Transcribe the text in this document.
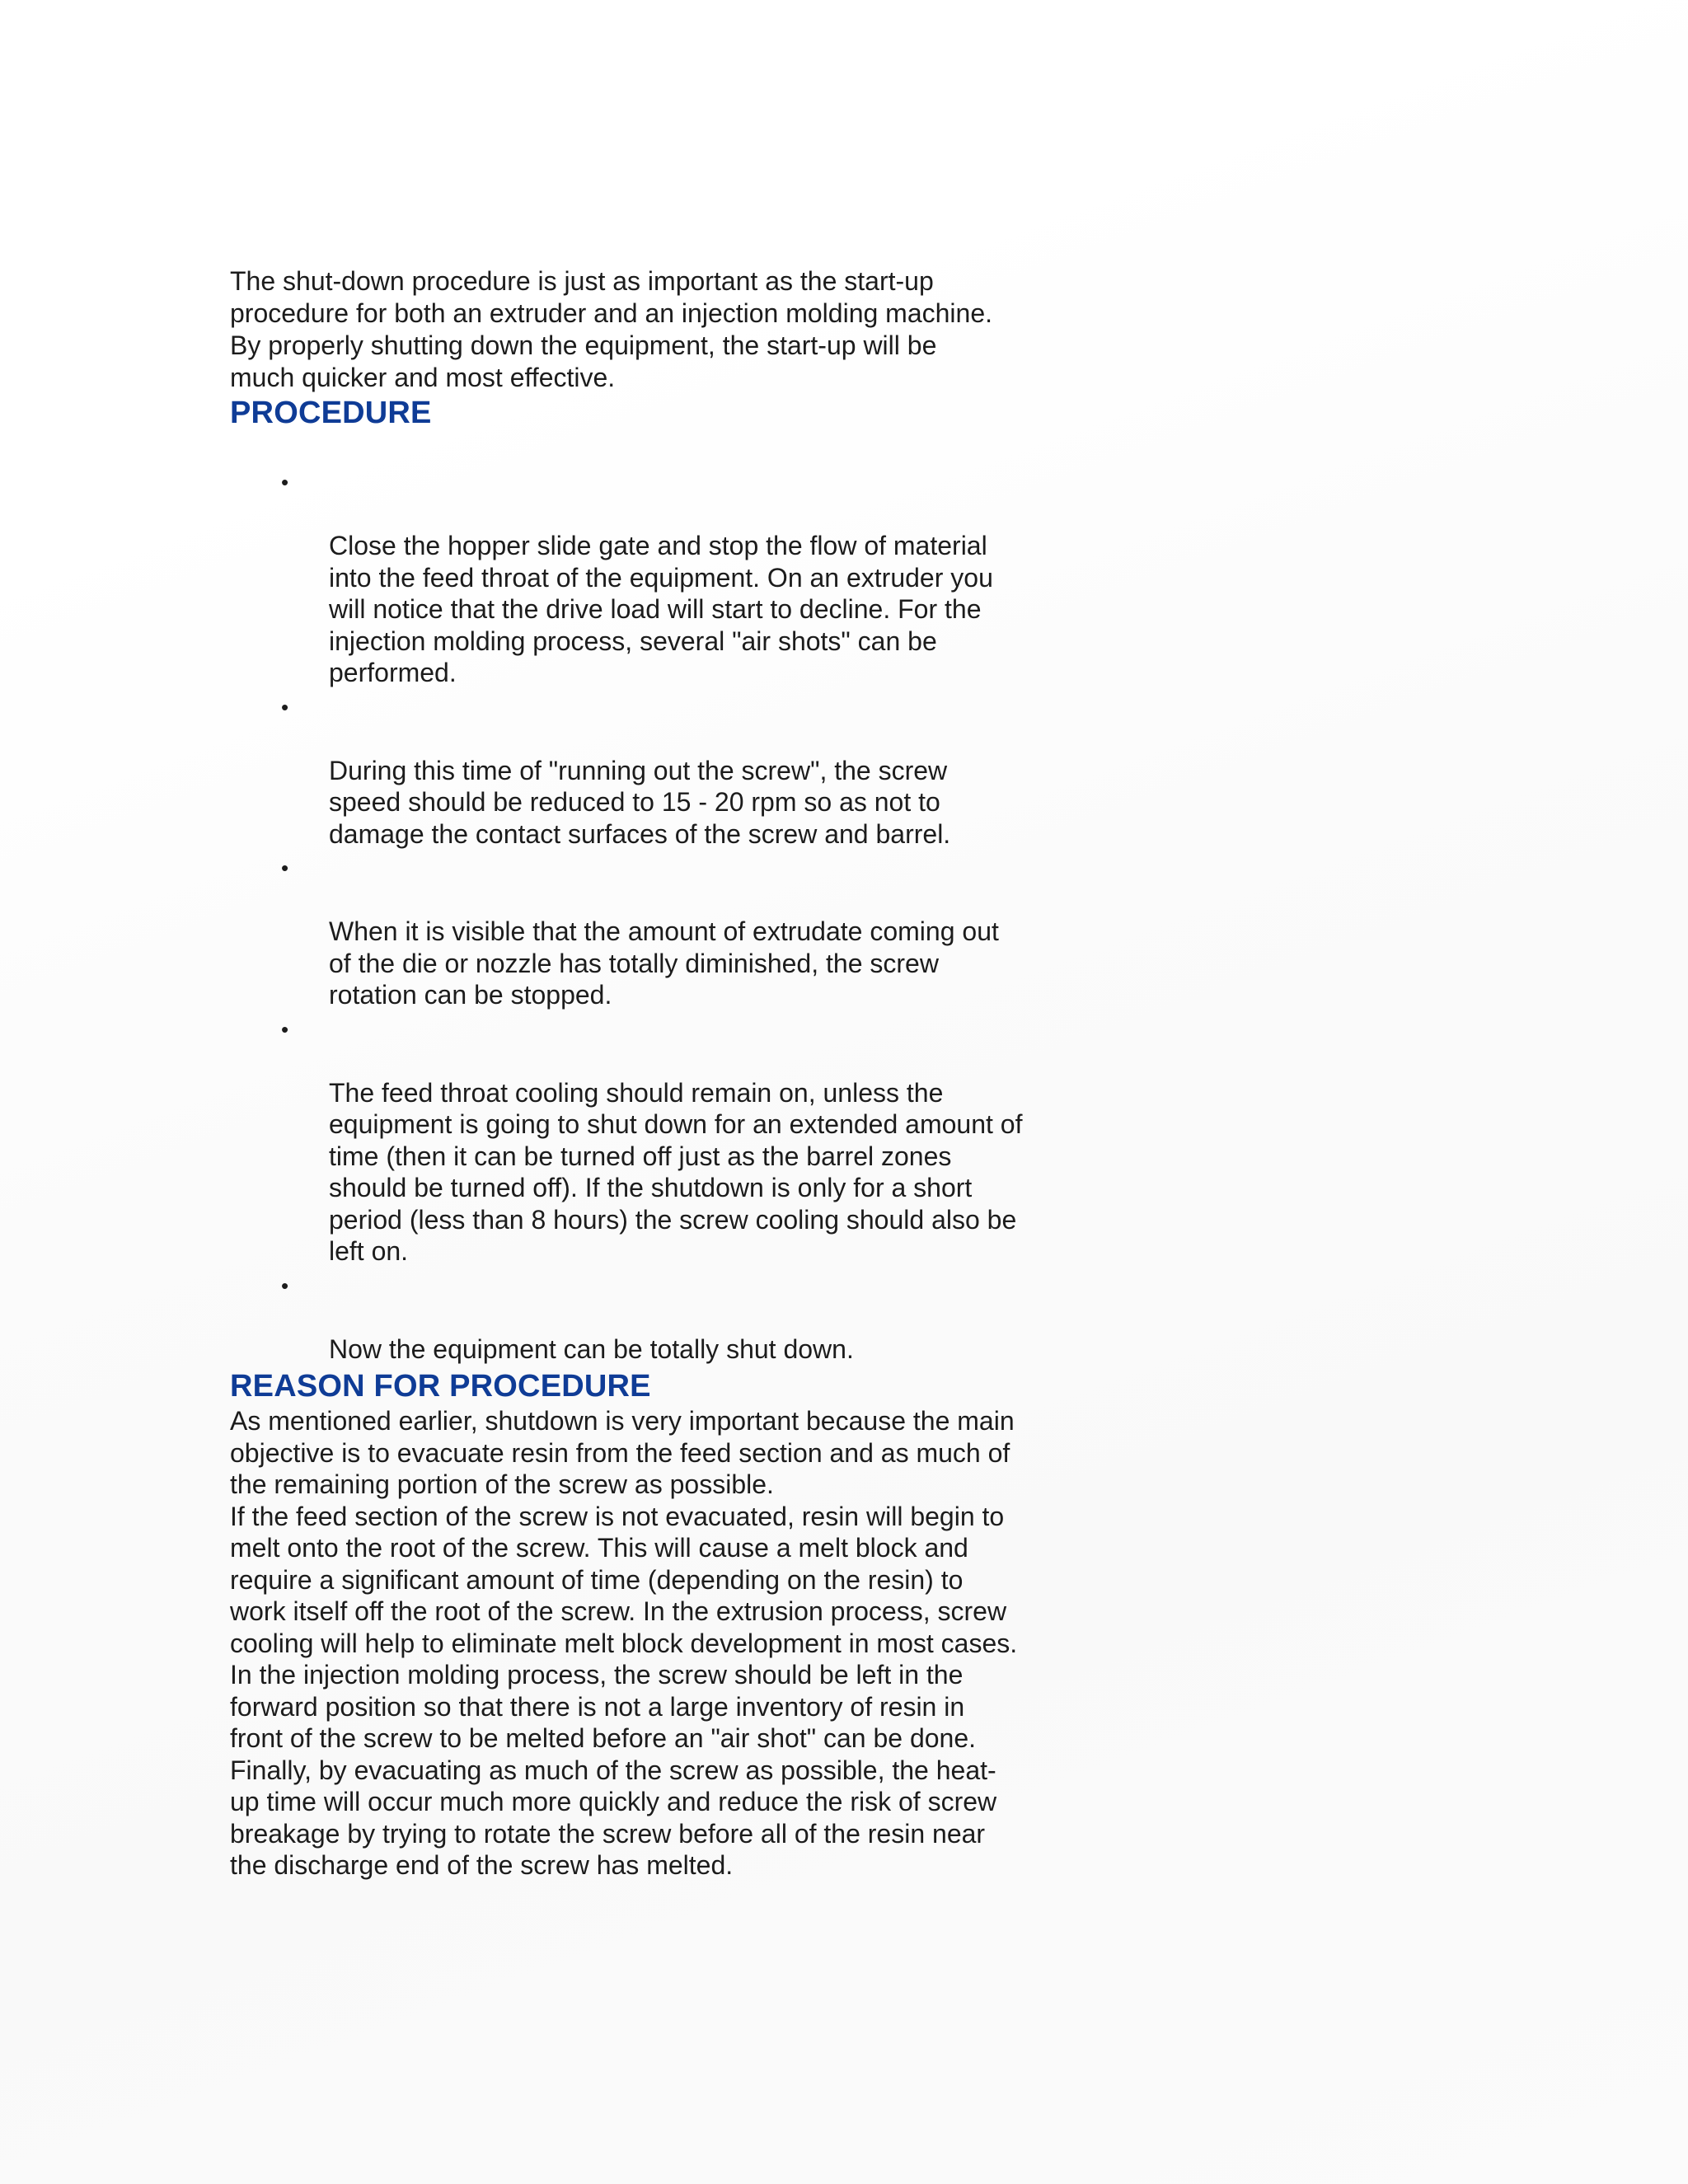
The shut-down procedure is just as important as the start-up
procedure for both an extruder and an injection molding machine.

By properly shutting down the equipment, the start-up will be
much quicker and most effective.

PROCEDURE

•

Close the hopper slide gate and stop the flow of material
into the feed throat of the equipment. On an extruder you
will notice that the drive load will start to decline. For the
injection molding process, several "air shots" can be
performed.

•

During this time of "running out the screw", the screw
speed should be reduced to 15 - 20 rpm so as not to
damage the contact surfaces of the screw and barrel.

•

When it is visible that the amount of extrudate coming out
of the die or nozzle has totally diminished, the screw
rotation can be stopped.

•

The feed throat cooling should remain on, unless the
equipment is going to shut down for an extended amount of
time (then it can be turned off just as the barrel zones
should be turned off). If the shutdown is only for a short
period (less than 8 hours) the screw cooling should also be
left on.

•

Now the equipment can be totally shut down.

REASON FOR PROCEDURE

As mentioned earlier, shutdown is very important because the main
objective is to evacuate resin from the feed section and as much of
the remaining portion of the screw as possible.
If the feed section of the screw is not evacuated, resin will begin to
melt onto the root of the screw. This will cause a melt block and
require a significant amount of time (depending on the resin) to
work itself off the root of the screw. In the extrusion process, screw
cooling will help to eliminate melt block development in most cases.
In the injection molding process, the screw should be left in the
forward position so that there is not a large inventory of resin in
front of the screw to be melted before an "air shot" can be done.
Finally, by evacuating as much of the screw as possible, the heat-
up time will occur much more quickly and reduce the risk of screw
breakage by trying to rotate the screw before all of the resin near
the discharge end of the screw has melted.
